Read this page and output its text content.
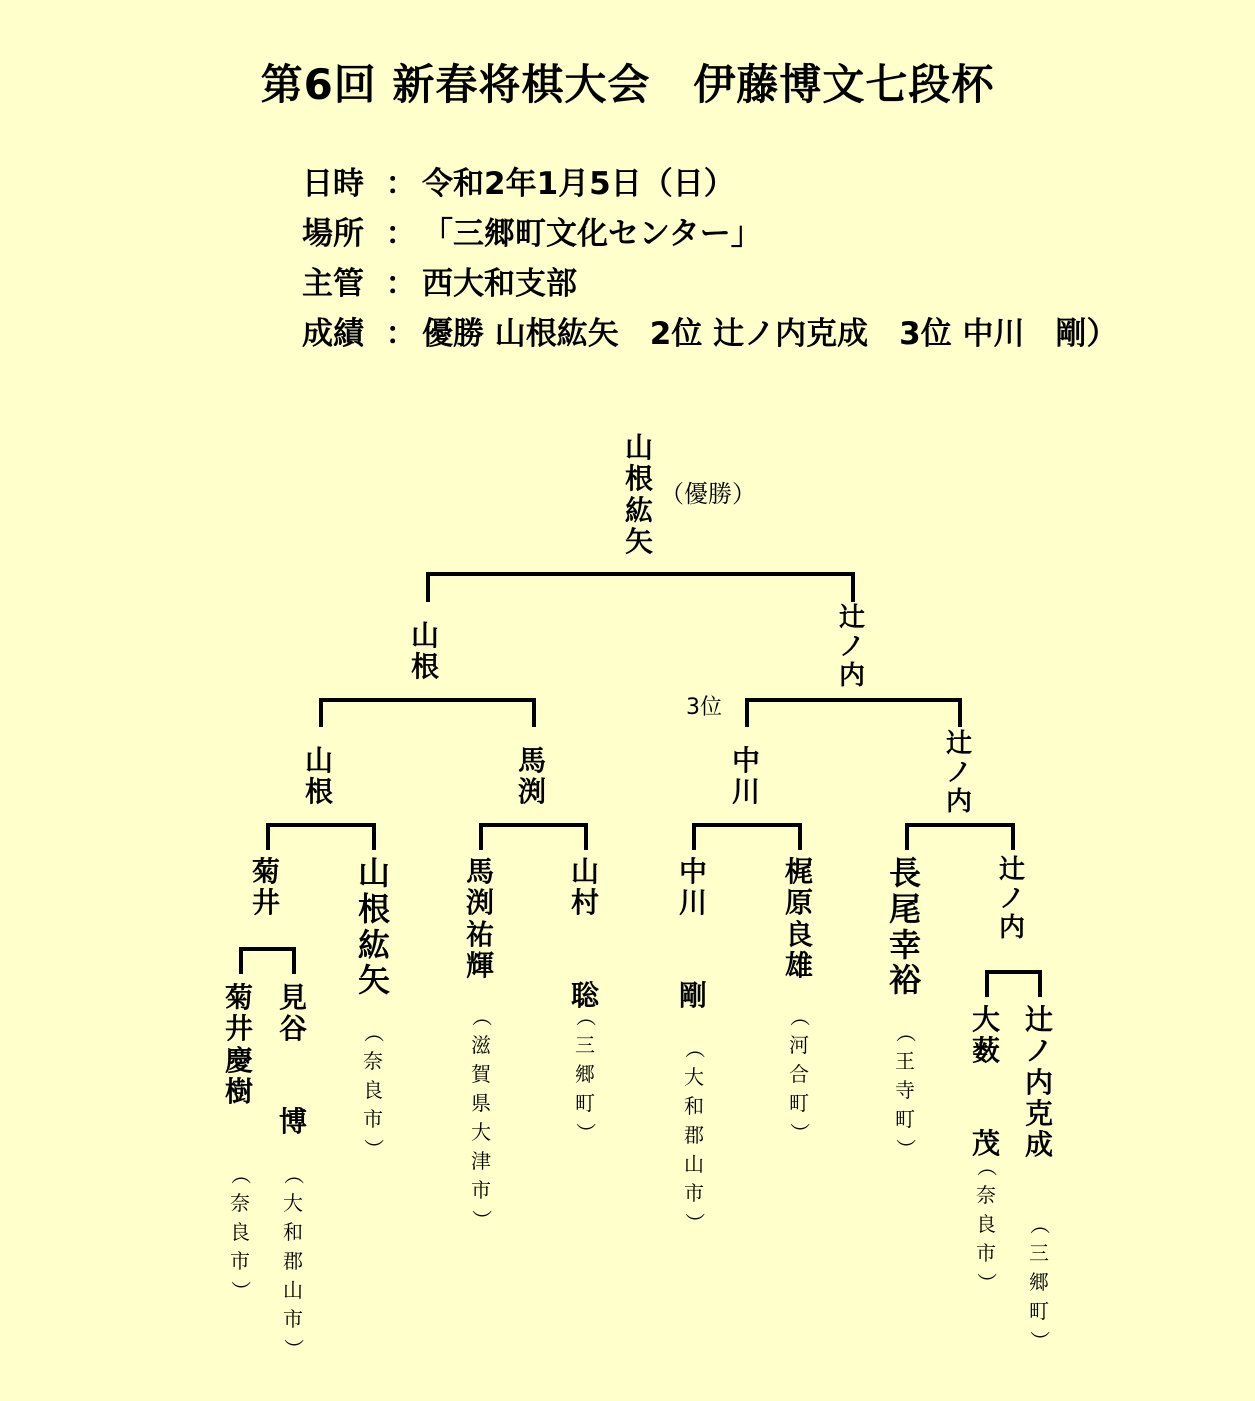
第6回 新春将棋大会　伊藤博文七段杯
日時 ： 令和2年1月5日（日）
場所 ： 「三郷町文化センター」
主管 ： 西大和支部
成績 ： 優勝 山根紘矢　2位 辻ノ内克成　3位 中川　剛）
山
根
紘
矢
（優勝）
山
根
辻
ノ
内
山
根
馬
渕
中
川
辻
ノ
内
3位
菊
井
辻
ノ
内
菊
井
慶
樹
（
奈
良
市
）
見
谷

博
（
大
和
郡
山
市
）
山
根
紘
矢
（
奈
良
市
）
馬
渕
祐
輝
（
滋
賀
県
大
津
市
）
山
村

聡
（
三
郷
町
）
中
川

剛
（
大
和
郡
山
市
）
梶
原
良
雄
（
河
合
町
）
長
尾
幸
裕
（
王
寺
町
）
大
薮

茂
（
奈
良
市
）
辻
ノ
内
克
成
（
三
郷
町
）
